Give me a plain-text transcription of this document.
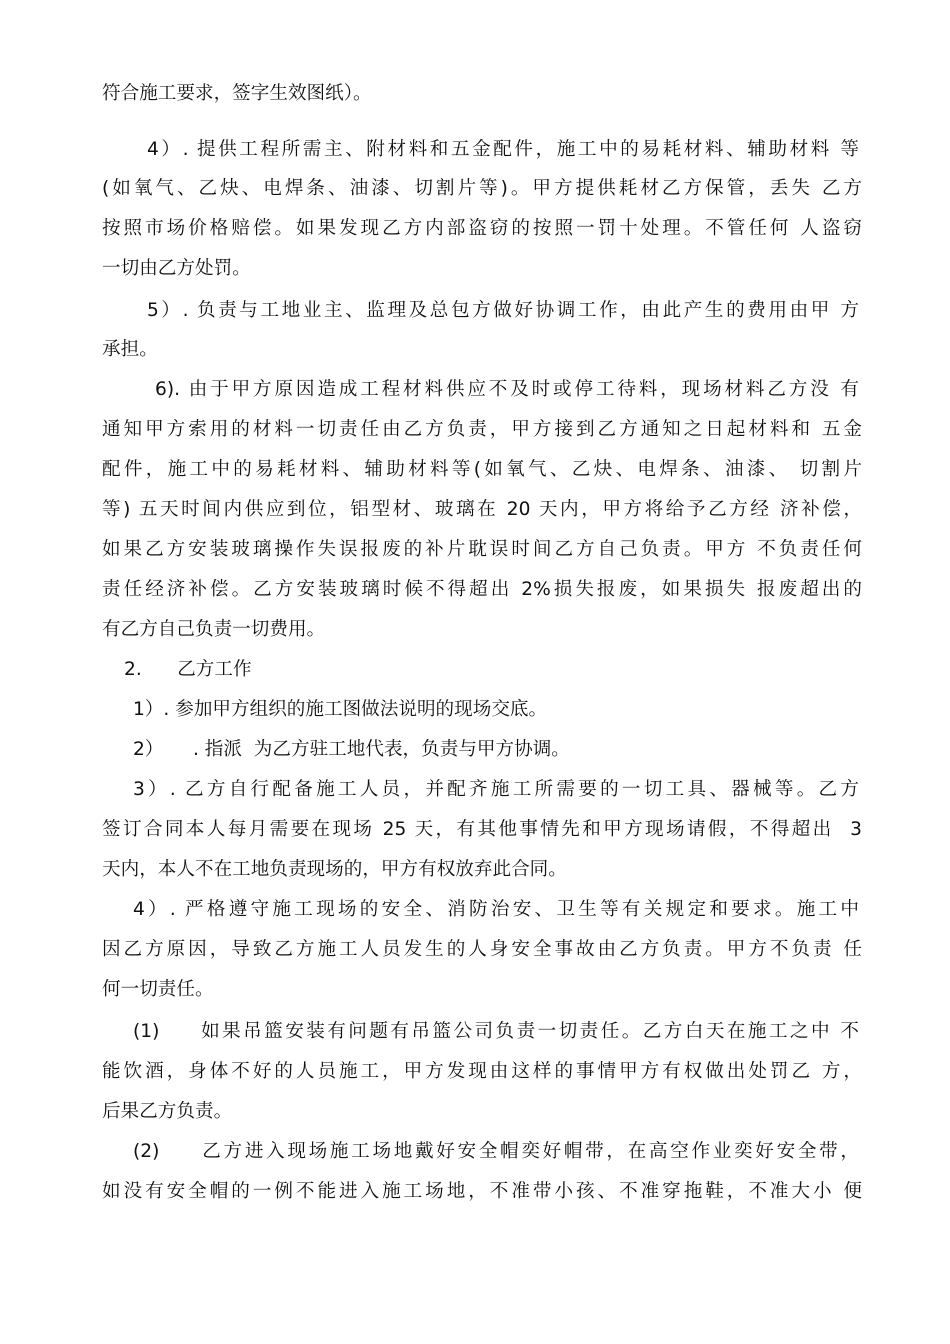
符合施工要求，签字生效图纸）。
4）. 提供工程所需主、附材料和五金配件，施工中的易耗材料、辅助材料 等
(如氧气、乙炔、电焊条、油漆、切割片等)。甲方提供耗材乙方保管，丢失 乙方
按照市场价格赔偿。如果发现乙方内部盗窃的按照一罚十处理。不管任何 人盗窃
一切由乙方处罚。
5）. 负责与工地业主、监理及总包方做好协调工作，由此产生的费用由甲 方
承担。
6). 由于甲方原因造成工程材料供应不及时或停工待料，现场材料乙方没 有
通知甲方索用的材料一切责任由乙方负责，甲方接到乙方通知之日起材料和 五金
配件，施工中的易耗材料、辅助材料等(如氧气、乙炔、电焊条、油漆、 切割片
等) 五天时间内供应到位，铝型材、玻璃在 20 天内，甲方将给予乙方经 济补偿，
如果乙方安装玻璃操作失误报废的补片耽误时间乙方自己负责。甲方 不负责任何
责任经济补偿。乙方安装玻璃时候不得超出 2%损失报废，如果损失 报废超出的
有乙方自己负责一切费用。
2.      乙方工作
1）. 参加甲方组织的施工图做法说明的现场交底。
2）     . 指派  为乙方驻工地代表，负责与甲方协调。
3）. 乙方自行配备施工人员，并配齐施工所需要的一切工具、器械等。乙方
签订合同本人每月需要在现场 25 天，有其他事情先和甲方现场请假，不得超出  3
天内，本人不在工地负责现场的，甲方有权放弃此合同。
4）. 严格遵守施工现场的安全、消防治安、卫生等有关规定和要求。施工中
因乙方原因，导致乙方施工人员发生的人身安全事故由乙方负责。甲方不负责 任
何一切责任。
(1)     如果吊篮安装有问题有吊篮公司负责一切责任。乙方白天在施工之中 不
能饮酒，身体不好的人员施工，甲方发现由这样的事情甲方有权做出处罚乙 方，
后果乙方负责。
(2)     乙方进入现场施工场地戴好安全帽奕好帽带，在高空作业奕好安全带，
如没有安全帽的一例不能进入施工场地，不准带小孩、不准穿拖鞋，不准大小 便
